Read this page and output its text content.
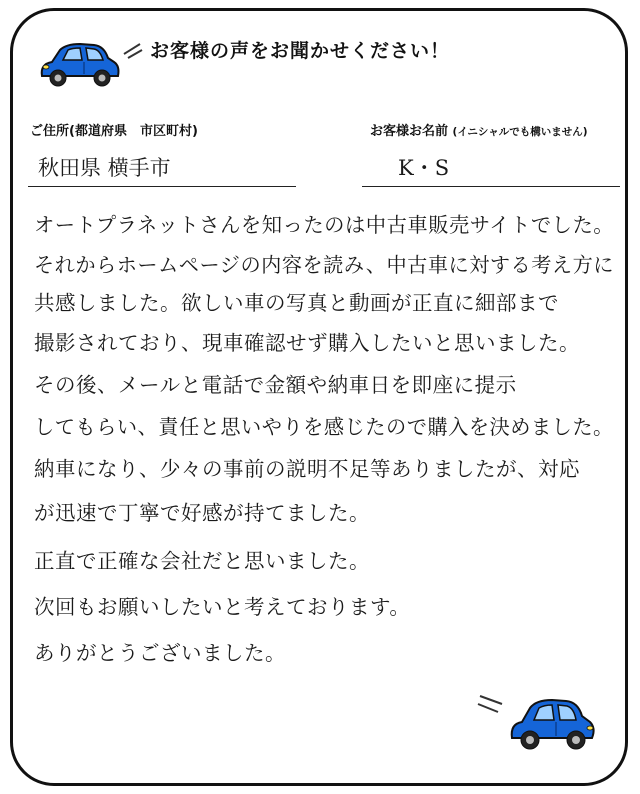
お客様の声をお聞かせください！
ご住所(都道府県　市区町村)	お客様お名前 (イニシャルでも構いません)
秋田県 横手市	K・S
オートプラネットさんを知ったのは中古車販売サイトでした。
それからホームページの内容を読み、中古車に対する考え方に
共感しました。欲しい車の写真と動画が正直に細部まで
撮影されており、現車確認せず購入したいと思いました。
その後、メールと電話で金額や納車日を即座に提示
してもらい、責任と思いやりを感じたので購入を決めました。
納車になり、少々の事前の説明不足等ありましたが、対応
が迅速で丁寧で好感が持てました。
正直で正確な会社だと思いました。
次回もお願いしたいと考えております。
ありがとうございました。
